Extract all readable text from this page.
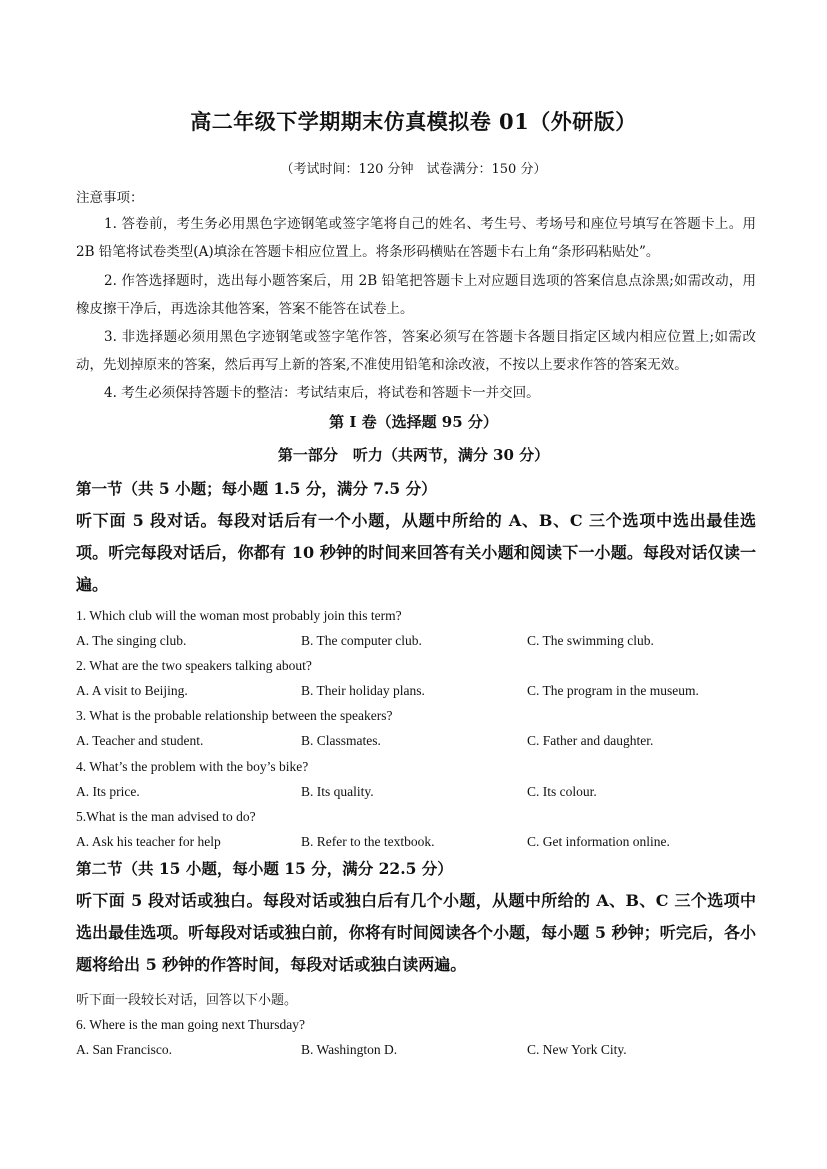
高二年级下学期期末仿真模拟卷 01（外研版）
（考试时间：120 分钟　试卷满分：150 分）
注意事项：
1. 答卷前，考生务必用黑色字迹钢笔或签字笔将自己的姓名、考生号、考场号和座位号填写在答题卡上。用 2B 铅笔将试卷类型(A)填涂在答题卡相应位置上。将条形码横贴在答题卡右上角“条形码粘贴处”。
2. 作答选择题时，选出每小题答案后，用 2B 铅笔把答题卡上对应题目选项的答案信息点涂黑;如需改动，用橡皮擦干净后，再选涂其他答案，答案不能答在试卷上。
3. 非选择题必须用黑色字迹钢笔或签字笔作答，答案必须写在答题卡各题目指定区域内相应位置上;如需改动，先划掉原来的答案，然后再写上新的答案,不准使用铅笔和涂改液，不按以上要求作答的答案无效。
4. 考生必须保持答题卡的整洁：考试结束后，将试卷和答题卡一并交回。
第 I 卷（选择题 95 分）
第一部分　听力（共两节，满分 30 分）
第一节（共 5 小题；每小题 1.5 分，满分 7.5 分）
听下面 5 段对话。每段对话后有一个小题，从题中所给的 A、B、C 三个选项中选出最佳选项。听完每段对话后，你都有 10 秒钟的时间来回答有关小题和阅读下一小题。每段对话仅读一遍。
1. Which club will the woman most probably join this term?
A. The singing club.	B. The computer club.	C. The swimming club.
2. What are the two speakers talking about?
A. A visit to Beijing.	B. Their holiday plans.	C. The program in the museum.
3. What is the probable relationship between the speakers?
A. Teacher and student.	B. Classmates.	C. Father and daughter.
4. What’s the problem with the boy’s bike?
A. Its price.	B. Its quality.	C. Its colour.
5.What is the man advised to do?
A. Ask his teacher for help	B. Refer to the textbook.	C. Get information online.
第二节（共 15 小题，每小题 15 分，满分 22.5 分）
听下面 5 段对话或独白。每段对话或独白后有几个小题，从题中所给的 A、B、C 三个选项中选出最佳选项。听每段对话或独白前，你将有时间阅读各个小题，每小题 5 秒钟；听完后，各小题将给出 5 秒钟的作答时间，每段对话或独白读两遍。
听下面一段较长对话，回答以下小题。
6. Where is the man going next Thursday?
A. San Francisco.	B. Washington D.	C. New York City.
